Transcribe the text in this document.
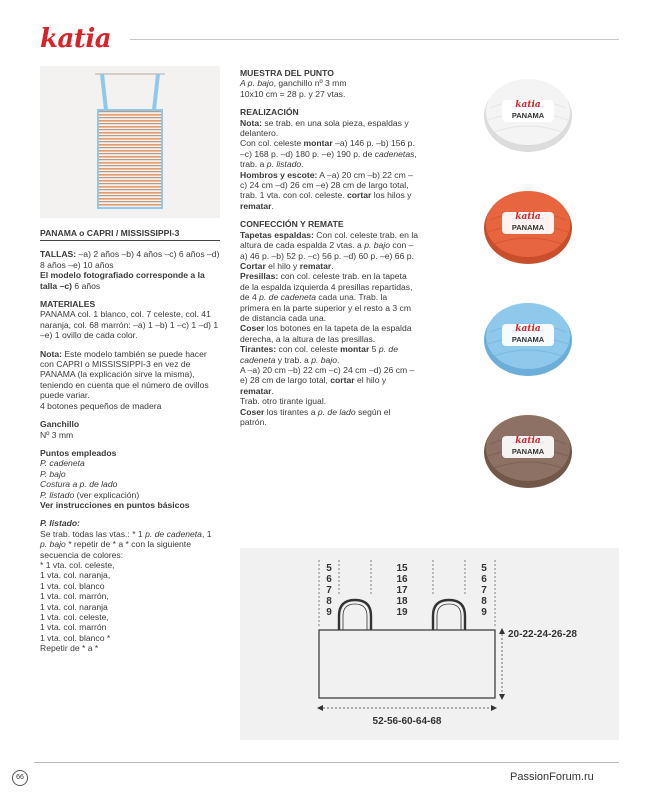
katia

PANAMA o CAPRI / MISSISSIPPI-3

TALLAS: –a) 2 años –b) 4 años –c) 6 años –d) 8 años –e) 10 años

El modelo fotografiado corresponde a la talla –c) 6 años

MATERIALES

PANAMA col. 1 blanco, col. 7 celeste, col. 41 naranja, col. 68 marrón: –a) 1 –b) 1 –c) 1 –d) 1 –e) 1 ovillo de cada color.

Nota: Este modelo también se puede hacer con CAPRI o MISSISSIPPI-3 en vez de PANAMA (la explicación sirve la misma), teniendo en cuenta que el número de ovillos puede variar.

4 botones pequeños de madera

Ganchillo

Nº 3 mm

Puntos empleados

P. cadeneta

P. bajo

Costura a p. de lado

P. listado (ver explicación)

Ver instrucciones en puntos básicos

P. listado:

Se trab. todas las vtas.: * 1 p. de cadeneta, 1 p. bajo * repetir de * a * con la siguiente secuencia de colores:

* 1 vta. col. celeste,

1 vta. col. naranja,

1 vta. col. blanco

1 vta. col. marrón,

1 vta. col. naranja

1 vta. col. celeste,

1 vta. col. marrón

1 vta. col. blanco *

Repetir de * a *

MUESTRA DEL PUNTO

A p. bajo, ganchillo nº 3 mm

10x10 cm = 28 p. y 27 vtas.

REALIZACIÓN

Nota: se trab. en una sola pieza, espaldas y delantero.

Con col. celeste montar –a) 146 p. –b) 156 p. –c) 168 p. –d) 180 p. –e) 190 p. de cadenetas, trab. a p. listado.

Hombros y escote: A –a) 20 cm –b) 22 cm –c) 24 cm –d) 26 cm –e) 28 cm de largo total, trab. 1 vta. con col. celeste. cortar los hilos y rematar.

CONFECCIÓN Y REMATE

Tapetas espaldas: Con col. celeste trab. en la altura de cada espalda 2 vtas. a p. bajo con –a) 46 p. –b) 52 p. –c) 56 p. –d) 60 p. –e) 66 p.

Cortar el hilo y rematar.

Presillas: con col. celeste trab. en la tapeta de la espalda izquierda 4 presillas repartidas, de 4 p. de cadeneta cada una. Trab. la primera en la parte superior y el resto a 3 cm de distancia cada una.

Coser los botones en la tapeta de la espalda derecha, a la altura de las presillas.

Tirantes: con col. celeste montar 5 p. de cadeneta y trab. a p. bajo.

A –a) 20 cm –b) 22 cm –c) 24 cm –d) 26 cm –e) 28 cm de largo total, cortar el hilo y rematar.

Trab. otro tirante igual.

Coser los tirantes a p. de lado según el patrón.

katia
PANAMA
katia
PANAMA
katia
PANAMA
katia
PANAMA
5
6
7
8
9
15
16
17
18
19
5
6
7
8
9
20-22-24-26-28
52-56-60-64-68
66	PassionForum.ru
